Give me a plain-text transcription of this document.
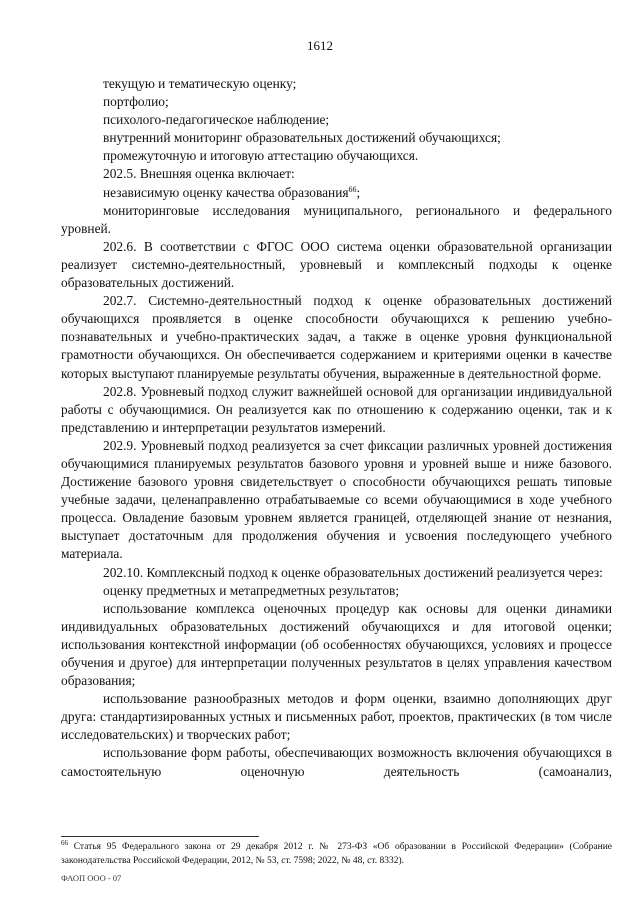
1612

текущую и тематическую оценку;

портфолио;

психолого-педагогическое наблюдение;

внутренний мониторинг образовательных достижений обучающихся;

промежуточную и итоговую аттестацию обучающихся.

202.5. Внешняя оценка включает:

независимую оценку качества образования$^{66}$;

мониторинговые исследования муниципального, регионального и федерального уровней.

202.6. В соответствии с ФГОС ООО система оценки образовательной организации реализует системно-деятельностный, уровневый и комплексный подходы к оценке образовательных достижений.

202.7. Системно-деятельностный подход к оценке образовательных достижений обучающихся проявляется в оценке способности обучающихся к решению учебно-познавательных и учебно-практических задач, а также в оценке уровня функциональной грамотности обучающихся. Он обеспечивается содержанием и критериями оценки в качестве которых выступают планируемые результаты обучения, выраженные в деятельностной форме.

202.8. Уровневый подход служит важнейшей основой для организации индивидуальной работы с обучающимися. Он реализуется как по отношению к содержанию оценки, так и к представлению и интерпретации результатов измерений.

202.9. Уровневый подход реализуется за счет фиксации различных уровней достижения обучающимися планируемых результатов базового уровня и уровней выше и ниже базового. Достижение базового уровня свидетельствует о способности обучающихся решать типовые учебные задачи, целенаправленно отрабатываемые со всеми обучающимися в ходе учебного процесса. Овладение базовым уровнем является границей, отделяющей знание от незнания, выступает достаточным для продолжения обучения и усвоения последующего учебного материала.

202.10. Комплексный подход к оценке образовательных достижений реализуется через:

оценку предметных и метапредметных результатов;

использование комплекса оценочных процедур как основы для оценки динамики индивидуальных образовательных достижений обучающихся и для итоговой оценки; использования контекстной информации (об особенностях обучающихся, условиях и процессе обучения и другое) для интерпретации полученных результатов в целях управления качеством образования;

использование разнообразных методов и форм оценки, взаимно дополняющих друг друга: стандартизированных устных и письменных работ, проектов, практических (в том числе исследовательских) и творческих работ;

использование форм работы, обеспечивающих возможность включения обучающихся в самостоятельную оценочную деятельность (самоанализ,

$^{66}$ Статья 95 Федерального закона от 29 декабря 2012 г. № 273-ФЗ «Об образовании в Российской Федерации» (Собрание законодательства Российской Федерации, 2012, № 53, ст. 7598; 2022, № 48, ст. 8332).
ФАОП ООО - 07
